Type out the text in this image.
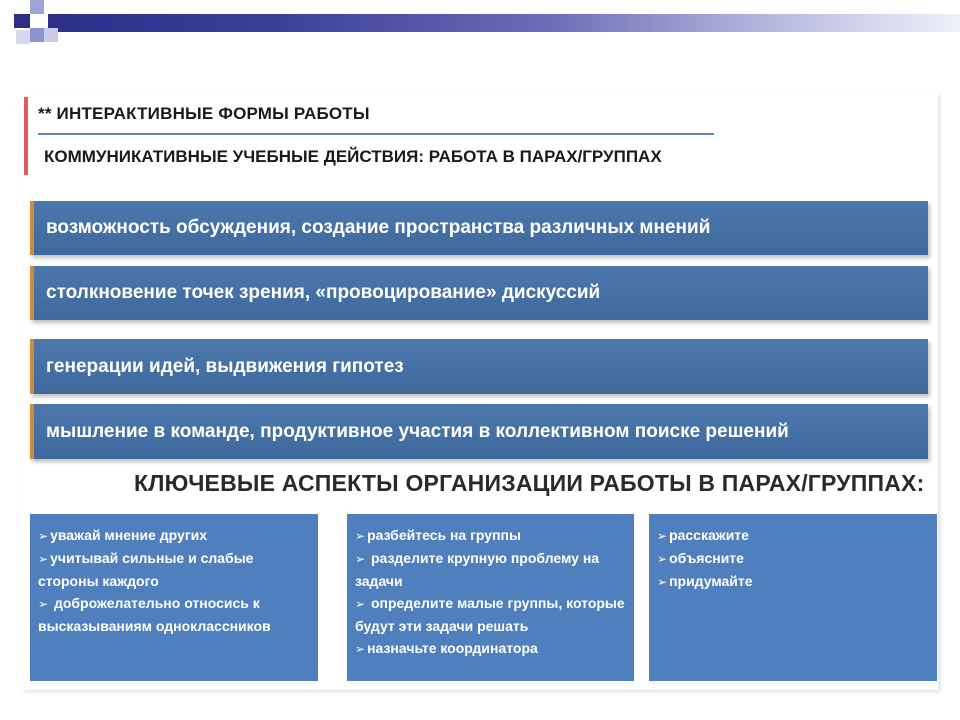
** ИНТЕРАКТИВНЫЕ ФОРМЫ РАБОТЫ
КОММУНИКАТИВНЫЕ УЧЕБНЫЕ ДЕЙСТВИЯ: РАБОТА В ПАРАХ/ГРУППАХ
возможность обсуждения, создание пространства различных мнений
столкновение точек зрения, «провоцирование» дискуссий
генерации идей, выдвижения гипотез
мышление в команде, продуктивное участия в коллективном поиске решений
КЛЮЧЕВЫЕ АСПЕКТЫ ОРГАНИЗАЦИИ РАБОТЫ В ПАРАХ/ГРУППАХ:
➢ уважай мнение других
➢ учитывай сильные и слабые стороны каждого
➢ доброжелательно относись к высказываниям одноклассников
➢ разбейтесь на группы
➢ разделите крупную проблему на задачи
➢ определите малые группы, которые будут эти задачи решать
➢ назначьте координатора
➢ расскажите
➢ объясните
➢ придумайте
